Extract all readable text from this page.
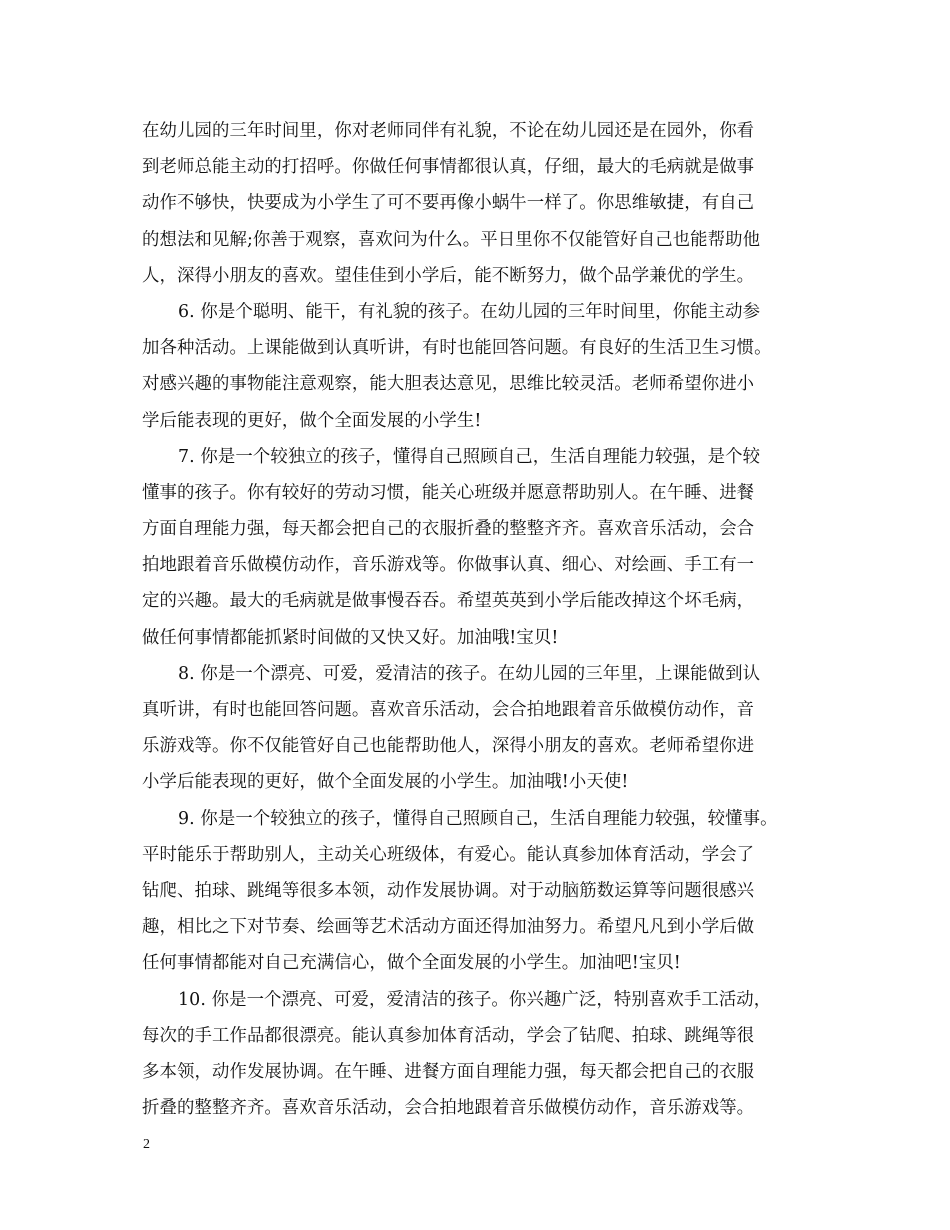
在幼儿园的三年时间里，你对老师同伴有礼貌，不论在幼儿园还是在园外，你看
到老师总能主动的打招呼。你做任何事情都很认真，仔细，最大的毛病就是做事
动作不够快，快要成为小学生了可不要再像小蜗牛一样了。你思维敏捷，有自己
的想法和见解;你善于观察，喜欢问为什么。平日里你不仅能管好自己也能帮助他
人，深得小朋友的喜欢。望佳佳到小学后，能不断努力，做个品学兼优的学生。
6. 你是个聪明、能干，有礼貌的孩子。在幼儿园的三年时间里，你能主动参
加各种活动。上课能做到认真听讲，有时也能回答问题。有良好的生活卫生习惯。
对感兴趣的事物能注意观察，能大胆表达意见，思维比较灵活。老师希望你进小
学后能表现的更好，做个全面发展的小学生!
7. 你是一个较独立的孩子，懂得自己照顾自己，生活自理能力较强，是个较
懂事的孩子。你有较好的劳动习惯，能关心班级并愿意帮助别人。在午睡、进餐
方面自理能力强，每天都会把自己的衣服折叠的整整齐齐。喜欢音乐活动，会合
拍地跟着音乐做模仿动作，音乐游戏等。你做事认真、细心、对绘画、手工有一
定的兴趣。最大的毛病就是做事慢吞吞。希望英英到小学后能改掉这个坏毛病，
做任何事情都能抓紧时间做的又快又好。加油哦!宝贝!
8. 你是一个漂亮、可爱，爱清洁的孩子。在幼儿园的三年里，上课能做到认
真听讲，有时也能回答问题。喜欢音乐活动，会合拍地跟着音乐做模仿动作，音
乐游戏等。你不仅能管好自己也能帮助他人，深得小朋友的喜欢。老师希望你进
小学后能表现的更好，做个全面发展的小学生。加油哦!小天使!
9. 你是一个较独立的孩子，懂得自己照顾自己，生活自理能力较强，较懂事。
平时能乐于帮助别人，主动关心班级体，有爱心。能认真参加体育活动，学会了
钻爬、拍球、跳绳等很多本领，动作发展协调。对于动脑筋数运算等问题很感兴
趣，相比之下对节奏、绘画等艺术活动方面还得加油努力。希望凡凡到小学后做
任何事情都能对自己充满信心，做个全面发展的小学生。加油吧!宝贝!
10. 你是一个漂亮、可爱，爱清洁的孩子。你兴趣广泛，特别喜欢手工活动，
每次的手工作品都很漂亮。能认真参加体育活动，学会了钻爬、拍球、跳绳等很
多本领，动作发展协调。在午睡、进餐方面自理能力强，每天都会把自己的衣服
折叠的整整齐齐。喜欢音乐活动，会合拍地跟着音乐做模仿动作，音乐游戏等。
2
